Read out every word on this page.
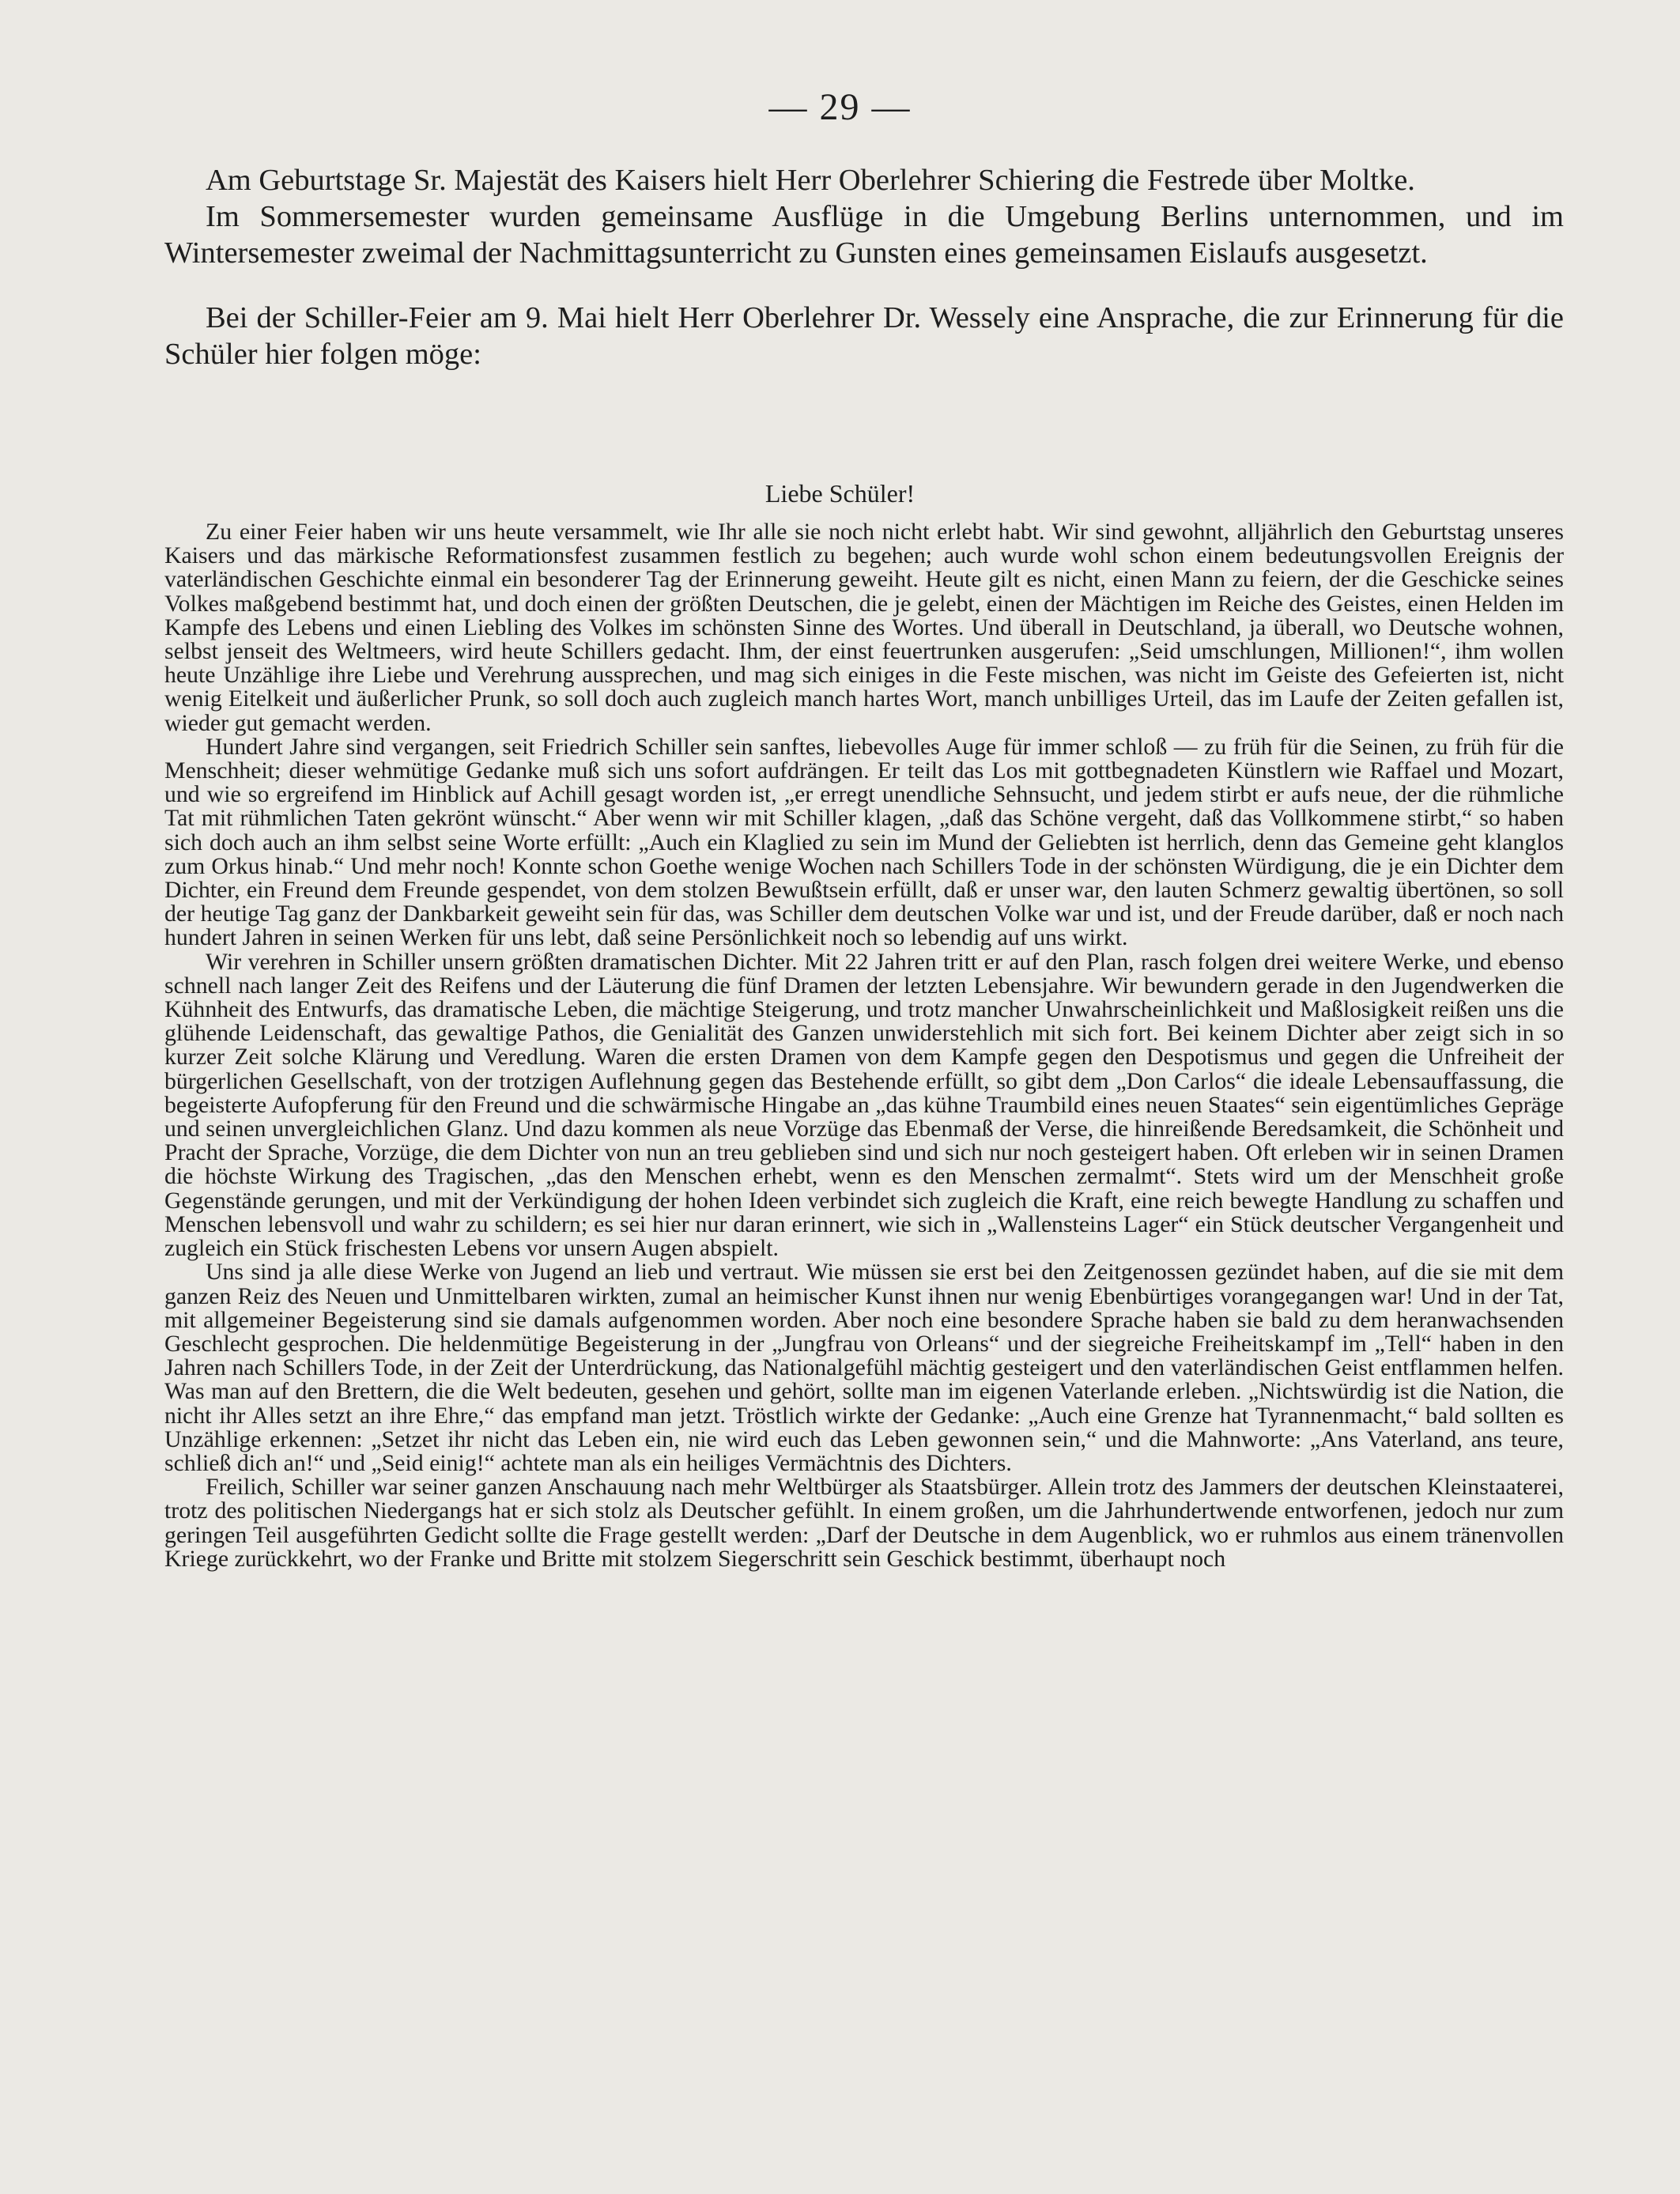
— 29 —

Am Geburtstage Sr. Majestät des Kaisers hielt Herr Oberlehrer Schiering die Festrede über Moltke.

Im Sommersemester wurden gemeinsame Ausflüge in die Umgebung Berlins unternommen, und im Wintersemester zweimal der Nachmittagsunterricht zu Gunsten eines gemeinsamen Eislaufs ausgesetzt.

Bei der Schiller-Feier am 9. Mai hielt Herr Oberlehrer Dr. Wessely eine Ansprache, die zur Erinnerung für die Schüler hier folgen möge:

Liebe Schüler!

Zu einer Feier haben wir uns heute versammelt, wie Ihr alle sie noch nicht erlebt habt. Wir sind gewohnt, alljährlich den Geburtstag unseres Kaisers und das märkische Reformationsfest zusammen festlich zu begehen; auch wurde wohl schon einem bedeutungsvollen Ereignis der vaterländischen Geschichte einmal ein besonderer Tag der Erinnerung geweiht. Heute gilt es nicht, einen Mann zu feiern, der die Geschicke seines Volkes maßgebend bestimmt hat, und doch einen der größten Deutschen, die je gelebt, einen der Mächtigen im Reiche des Geistes, einen Helden im Kampfe des Lebens und einen Liebling des Volkes im schönsten Sinne des Wortes. Und überall in Deutschland, ja überall, wo Deutsche wohnen, selbst jenseit des Weltmeers, wird heute Schillers gedacht. Ihm, der einst feuertrunken ausgerufen: „Seid umschlungen, Millionen!“, ihm wollen heute Unzählige ihre Liebe und Verehrung aussprechen, und mag sich einiges in die Feste mischen, was nicht im Geiste des Gefeierten ist, nicht wenig Eitelkeit und äußerlicher Prunk, so soll doch auch zugleich manch hartes Wort, manch unbilliges Urteil, das im Laufe der Zeiten gefallen ist, wieder gut gemacht werden.

Hundert Jahre sind vergangen, seit Friedrich Schiller sein sanftes, liebevolles Auge für immer schloß — zu früh für die Seinen, zu früh für die Menschheit; dieser wehmütige Gedanke muß sich uns sofort aufdrängen. Er teilt das Los mit gottbegnadeten Künstlern wie Raffael und Mozart, und wie so ergreifend im Hinblick auf Achill gesagt worden ist, „er erregt unendliche Sehnsucht, und jedem stirbt er aufs neue, der die rühmliche Tat mit rühmlichen Taten gekrönt wünscht.“ Aber wenn wir mit Schiller klagen, „daß das Schöne vergeht, daß das Vollkommene stirbt,“ so haben sich doch auch an ihm selbst seine Worte erfüllt: „Auch ein Klaglied zu sein im Mund der Geliebten ist herrlich, denn das Gemeine geht klanglos zum Orkus hinab.“ Und mehr noch! Konnte schon Goethe wenige Wochen nach Schillers Tode in der schönsten Würdigung, die je ein Dichter dem Dichter, ein Freund dem Freunde gespendet, von dem stolzen Bewußtsein erfüllt, daß er unser war, den lauten Schmerz gewaltig übertönen, so soll der heutige Tag ganz der Dankbarkeit geweiht sein für das, was Schiller dem deutschen Volke war und ist, und der Freude darüber, daß er noch nach hundert Jahren in seinen Werken für uns lebt, daß seine Persönlichkeit noch so lebendig auf uns wirkt.

Wir verehren in Schiller unsern größten dramatischen Dichter. Mit 22 Jahren tritt er auf den Plan, rasch folgen drei weitere Werke, und ebenso schnell nach langer Zeit des Reifens und der Läuterung die fünf Dramen der letzten Lebensjahre. Wir bewundern gerade in den Jugendwerken die Kühnheit des Entwurfs, das dramatische Leben, die mächtige Steigerung, und trotz mancher Unwahrscheinlichkeit und Maßlosigkeit reißen uns die glühende Leidenschaft, das gewaltige Pathos, die Genialität des Ganzen unwiderstehlich mit sich fort. Bei keinem Dichter aber zeigt sich in so kurzer Zeit solche Klärung und Veredlung. Waren die ersten Dramen von dem Kampfe gegen den Despotismus und gegen die Unfreiheit der bürgerlichen Gesellschaft, von der trotzigen Auflehnung gegen das Bestehende erfüllt, so gibt dem „Don Carlos“ die ideale Lebensauffassung, die begeisterte Aufopferung für den Freund und die schwärmische Hingabe an „das kühne Traumbild eines neuen Staates“ sein eigentümliches Gepräge und seinen unvergleichlichen Glanz. Und dazu kommen als neue Vorzüge das Ebenmaß der Verse, die hinreißende Beredsamkeit, die Schönheit und Pracht der Sprache, Vorzüge, die dem Dichter von nun an treu geblieben sind und sich nur noch gesteigert haben. Oft erleben wir in seinen Dramen die höchste Wirkung des Tragischen, „das den Menschen erhebt, wenn es den Menschen zermalmt“. Stets wird um der Menschheit große Gegenstände gerungen, und mit der Verkündigung der hohen Ideen verbindet sich zugleich die Kraft, eine reich bewegte Handlung zu schaffen und Menschen lebensvoll und wahr zu schildern; es sei hier nur daran erinnert, wie sich in „Wallensteins Lager“ ein Stück deutscher Vergangenheit und zugleich ein Stück frischesten Lebens vor unsern Augen abspielt.

Uns sind ja alle diese Werke von Jugend an lieb und vertraut. Wie müssen sie erst bei den Zeitgenossen gezündet haben, auf die sie mit dem ganzen Reiz des Neuen und Unmittelbaren wirkten, zumal an heimischer Kunst ihnen nur wenig Ebenbürtiges vorangegangen war! Und in der Tat, mit allgemeiner Begeisterung sind sie damals aufgenommen worden. Aber noch eine besondere Sprache haben sie bald zu dem heranwachsenden Geschlecht gesprochen. Die heldenmütige Begeisterung in der „Jungfrau von Orleans“ und der siegreiche Freiheitskampf im „Tell“ haben in den Jahren nach Schillers Tode, in der Zeit der Unterdrückung, das Nationalgefühl mächtig gesteigert und den vaterländischen Geist entflammen helfen. Was man auf den Brettern, die die Welt bedeuten, gesehen und gehört, sollte man im eigenen Vaterlande erleben. „Nichtswürdig ist die Nation, die nicht ihr Alles setzt an ihre Ehre,“ das empfand man jetzt. Tröstlich wirkte der Gedanke: „Auch eine Grenze hat Tyrannenmacht,“ bald sollten es Unzählige erkennen: „Setzet ihr nicht das Leben ein, nie wird euch das Leben gewonnen sein,“ und die Mahnworte: „Ans Vaterland, ans teure, schließ dich an!“ und „Seid einig!“ achtete man als ein heiliges Vermächtnis des Dichters.

Freilich, Schiller war seiner ganzen Anschauung nach mehr Weltbürger als Staatsbürger. Allein trotz des Jammers der deutschen Kleinstaaterei, trotz des politischen Niedergangs hat er sich stolz als Deutscher gefühlt. In einem großen, um die Jahrhundertwende entworfenen, jedoch nur zum geringen Teil ausgeführten Gedicht sollte die Frage gestellt werden: „Darf der Deutsche in dem Augenblick, wo er ruhmlos aus einem tränenvollen Kriege zurückkehrt, wo der Franke und Britte mit stolzem Siegerschritt sein Geschick bestimmt, überhaupt noch
